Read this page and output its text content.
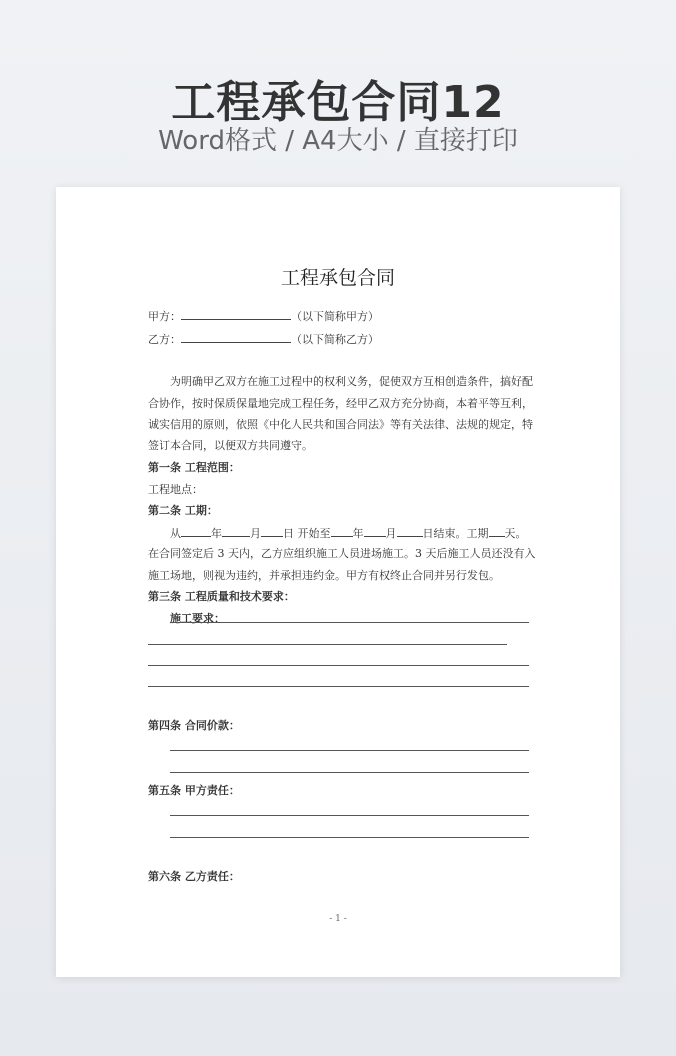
工程承包合同12
Word格式 / A4大小 / 直接打印
工程承包合同
甲方：	（以下简称甲方）
乙方：	（以下简称乙方）
为明确甲乙双方在施工过程中的权利义务，促使双方互相创造条件，搞好配
合协作，按时保质保量地完成工程任务，经甲乙双方充分协商，本着平等互利，
诚实信用的原则，依照《中化人民共和国合同法》等有关法律、法规的规定，特
签订本合同，以便双方共同遵守。
第一条 工程范围：
工程地点：
第二条 工期：
从	年	月 日 开始至 年 月 日结束。工期 天。
在合同签定后 3 天内，乙方应组织施工人员进场施工。3 天后施工人员还没有入
施工场地，则视为违约，并承担违约金。甲方有权终止合同并另行发包。
第三条 工程质量和技术要求：
施工要求：
第四条 合同价款：
第五条 甲方责任：
第六条 乙方责任：
- 1 -
